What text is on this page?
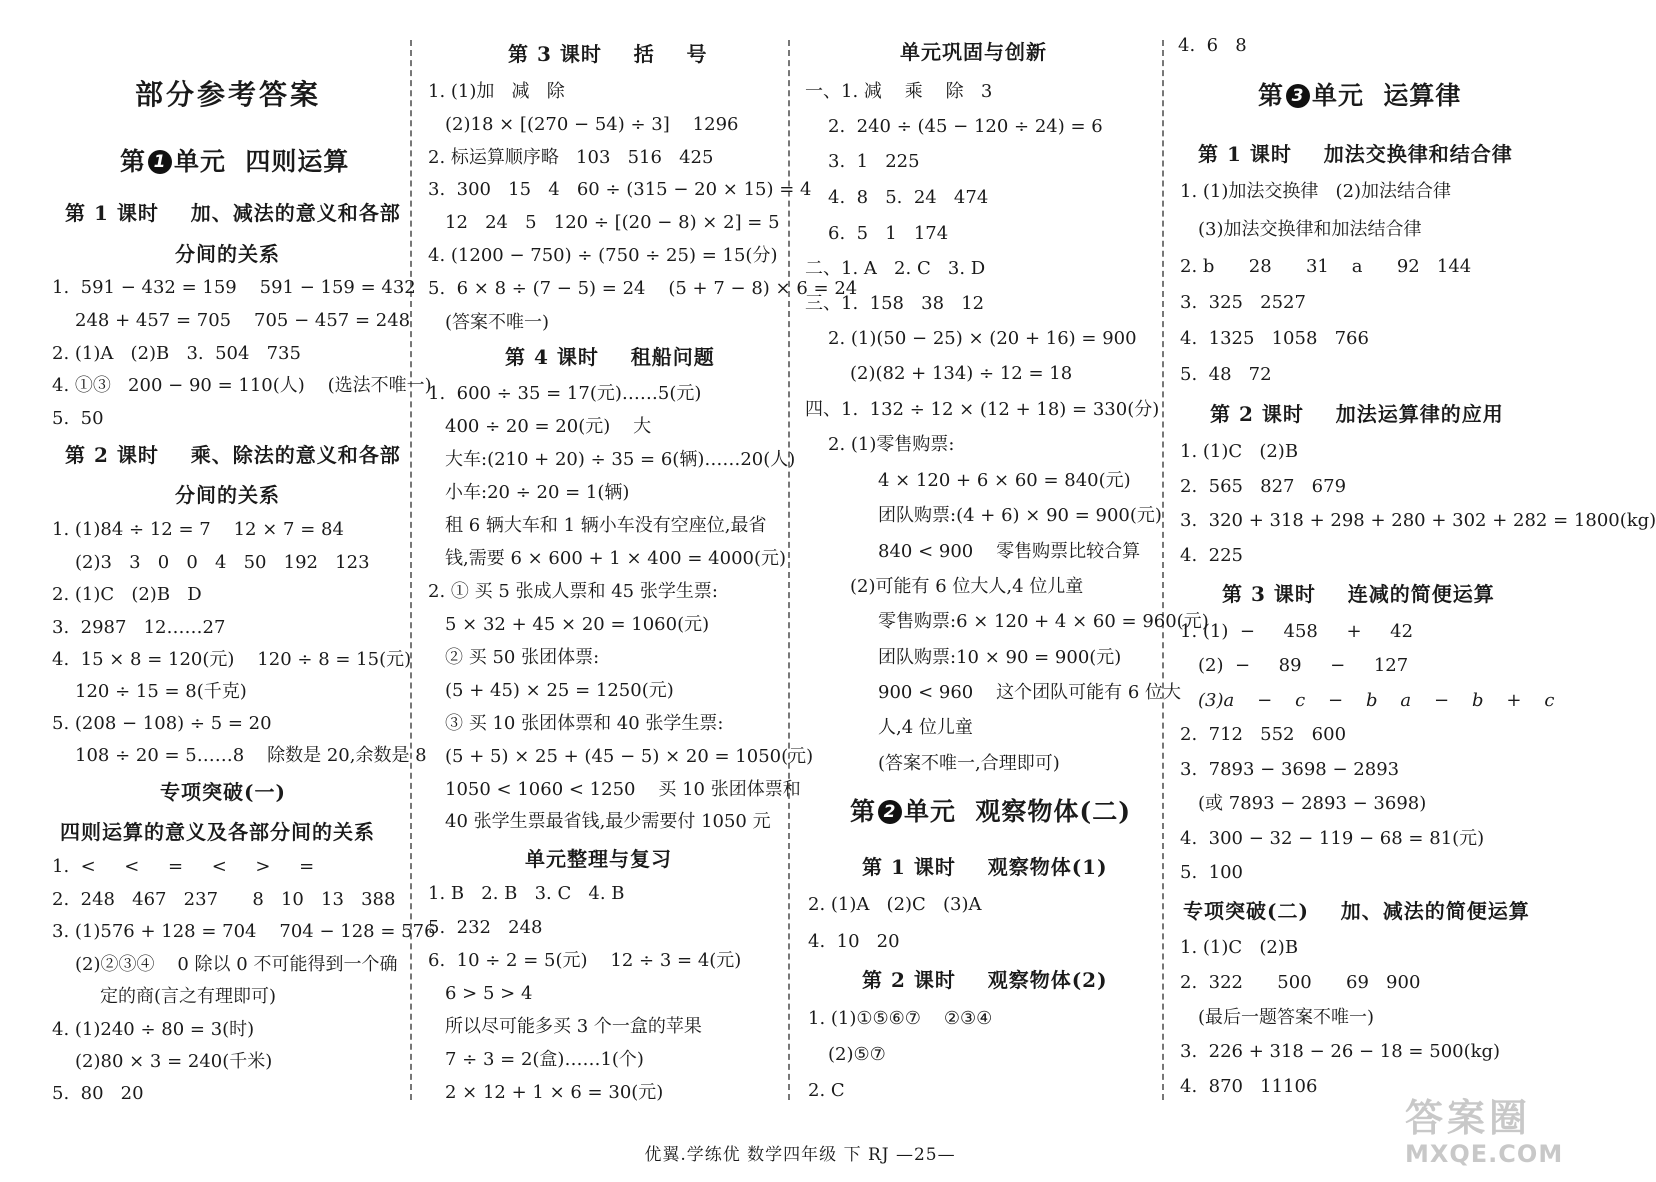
部分参考答案
第 1 单元  四则运算
第 1 课时    加、减法的意义和各部
分间的关系
1.  591 − 432 = 159    591 − 159 = 432
248 + 457 = 705    705 − 457 = 248
2. (1)A   (2)B   3.  504   735
4. ①③   200 − 90 = 110(人)    (选法不唯一)
5.  50
第 2 课时    乘、除法的意义和各部
分间的关系
1. (1)84 ÷ 12 = 7    12 × 7 = 84
(2)3   3   0   0   4   50   192   123
2. (1)C   (2)B   D
3.  2987   12……27
4.  15 × 8 = 120(元)    120 ÷ 8 = 15(元)
120 ÷ 15 = 8(千克)
5. (208 − 108) ÷ 5 = 20
108 ÷ 20 = 5……8    除数是 20,余数是 8
专项突破(一)
四则运算的意义及各部分间的关系
1.  <     <     =     <     >     =
2.  248   467   237      8   10   13   388
3. (1)576 + 128 = 704    704 − 128 = 576
(2)②③④    0 除以 0 不可能得到一个确
定的商(言之有理即可)
4. (1)240 ÷ 80 = 3(时)
(2)80 × 3 = 240(千米)
5.  80   20
第 3 课时    括    号
1. (1)加   减   除
(2)18 × [(270 − 54) ÷ 3]    1296
2. 标运算顺序略   103   516   425
3.  300   15   4   60 ÷ (315 − 20 × 15) = 4
12   24   5   120 ÷ [(20 − 8) × 2] = 5
4. (1200 − 750) ÷ (750 ÷ 25) = 15(分)
5.  6 × 8 ÷ (7 − 5) = 24    (5 + 7 − 8) × 6 = 24
(答案不唯一)
第 4 课时    租船问题
1.  600 ÷ 35 = 17(元)……5(元)
400 ÷ 20 = 20(元)    大
大车:(210 + 20) ÷ 35 = 6(辆)……20(人)
小车:20 ÷ 20 = 1(辆)
租 6 辆大车和 1 辆小车没有空座位,最省
钱,需要 6 × 600 + 1 × 400 = 4000(元)
2. ① 买 5 张成人票和 45 张学生票:
5 × 32 + 45 × 20 = 1060(元)
② 买 50 张团体票:
(5 + 45) × 25 = 1250(元)
③ 买 10 张团体票和 40 张学生票:
(5 + 5) × 25 + (45 − 5) × 20 = 1050(元)
1050 < 1060 < 1250    买 10 张团体票和
40 张学生票最省钱,最少需要付 1050 元
单元整理与复习
1. B   2. B   3. C   4. B
5.  232   248
6.  10 ÷ 2 = 5(元)    12 ÷ 3 = 4(元)
6 > 5 > 4
所以尽可能多买 3 个一盒的苹果
7 ÷ 3 = 2(盒)……1(个)
2 × 12 + 1 × 6 = 30(元)
单元巩固与创新
一、1. 减    乘    除   3
2.  240 ÷ (45 − 120 ÷ 24) = 6
3.  1   225
4.  8   5.  24   474
6.  5   1   174
二、1. A   2. C   3. D
三、1.  158   38   12
2. (1)(50 − 25) × (20 + 16) = 900
(2)(82 + 134) ÷ 12 = 18
四、1.  132 ÷ 12 × (12 + 18) = 330(分)
2. (1)零售购票:
4 × 120 + 6 × 60 = 840(元)
团队购票:(4 + 6) × 90 = 900(元)
840 < 900    零售购票比较合算
(2)可能有 6 位大人,4 位儿童
零售购票:6 × 120 + 4 × 60 = 960(元)
团队购票:10 × 90 = 900(元)
900 < 960    这个团队可能有 6 位大
人,4 位儿童
(答案不唯一,合理即可)
第 2 单元  观察物体(二)
第 1 课时    观察物体(1)
2. (1)A   (2)C   (3)A
4.  10   20
第 2 课时    观察物体(2)
1. (1)①⑤⑥⑦    ②③④
(2)⑤⑦
2. C
4.  6   8
第 3 单元  运算律
第 1 课时    加法交换律和结合律
1. (1)加法交换律   (2)加法结合律
(3)加法交换律和加法结合律
2. b      28      31    a      92   144
3.  325   2527
4.  1325   1058   766
5.  48   72
第 2 课时    加法运算律的应用
1. (1)C   (2)B
2.  565   827   679
3.  320 + 318 + 298 + 280 + 302 + 282 = 1800(kg)
4.  225
第 3 课时    连减的简便运算
1. (1)  −     458     +     42
(2)  −     89     −     127
(3)a    −    c    −    b    a    −    b    +    c
2.  712   552   600
3.  7893 − 3698 − 2893
(或 7893 − 2893 − 3698)
4.  300 − 32 − 119 − 68 = 81(元)
5.  100
专项突破(二)    加、减法的简便运算
1. (1)C   (2)B
2.  322      500      69   900
(最后一题答案不唯一)
3.  226 + 318 − 26 − 18 = 500(kg)
4.  870   11106
优翼.学练优 数学四年级 下 RJ —25—
答案圈
MXQE.COM
